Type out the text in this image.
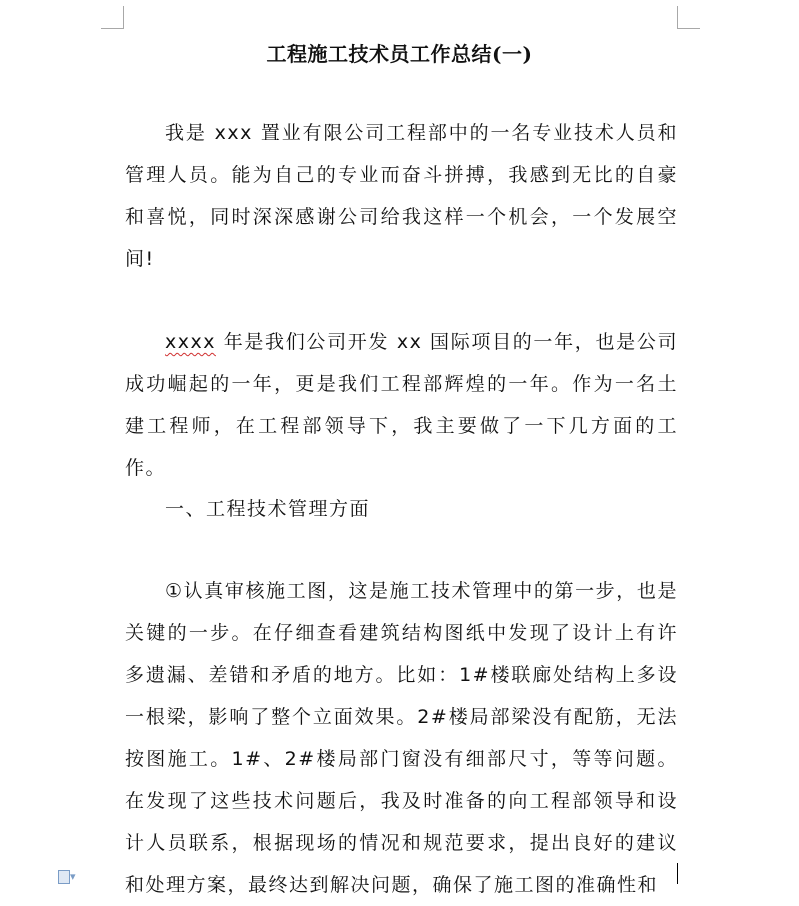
工程施工技术员工作总结(一)

我是 xxx 置业有限公司工程部中的一名专业技术人员和管理人员。能为自己的专业而奋斗拼搏，我感到无比的自豪和喜悦，同时深深感谢公司给我这样一个机会，一个发展空间!

xxxx 年是我们公司开发 xx 国际项目的一年，也是公司成功崛起的一年，更是我们工程部辉煌的一年。作为一名土建工程师，在工程部领导下，我主要做了一下几方面的工作。

一、工程技术管理方面

①认真审核施工图，这是施工技术管理中的第一步，也是关键的一步。在仔细查看建筑结构图纸中发现了设计上有许多遗漏、差错和矛盾的地方。比如：1#楼联廊处结构上多设一根梁，影响了整个立面效果。2#楼局部梁没有配筋，无法按图施工。1#、2#楼局部门窗没有细部尺寸，等等问题。在发现了这些技术问题后，我及时准备的向工程部领导和设计人员联系，根据现场的情况和规范要求，提出良好的建议和处理方案，最终达到解决问题，确保了施工图的准确性和

▾
